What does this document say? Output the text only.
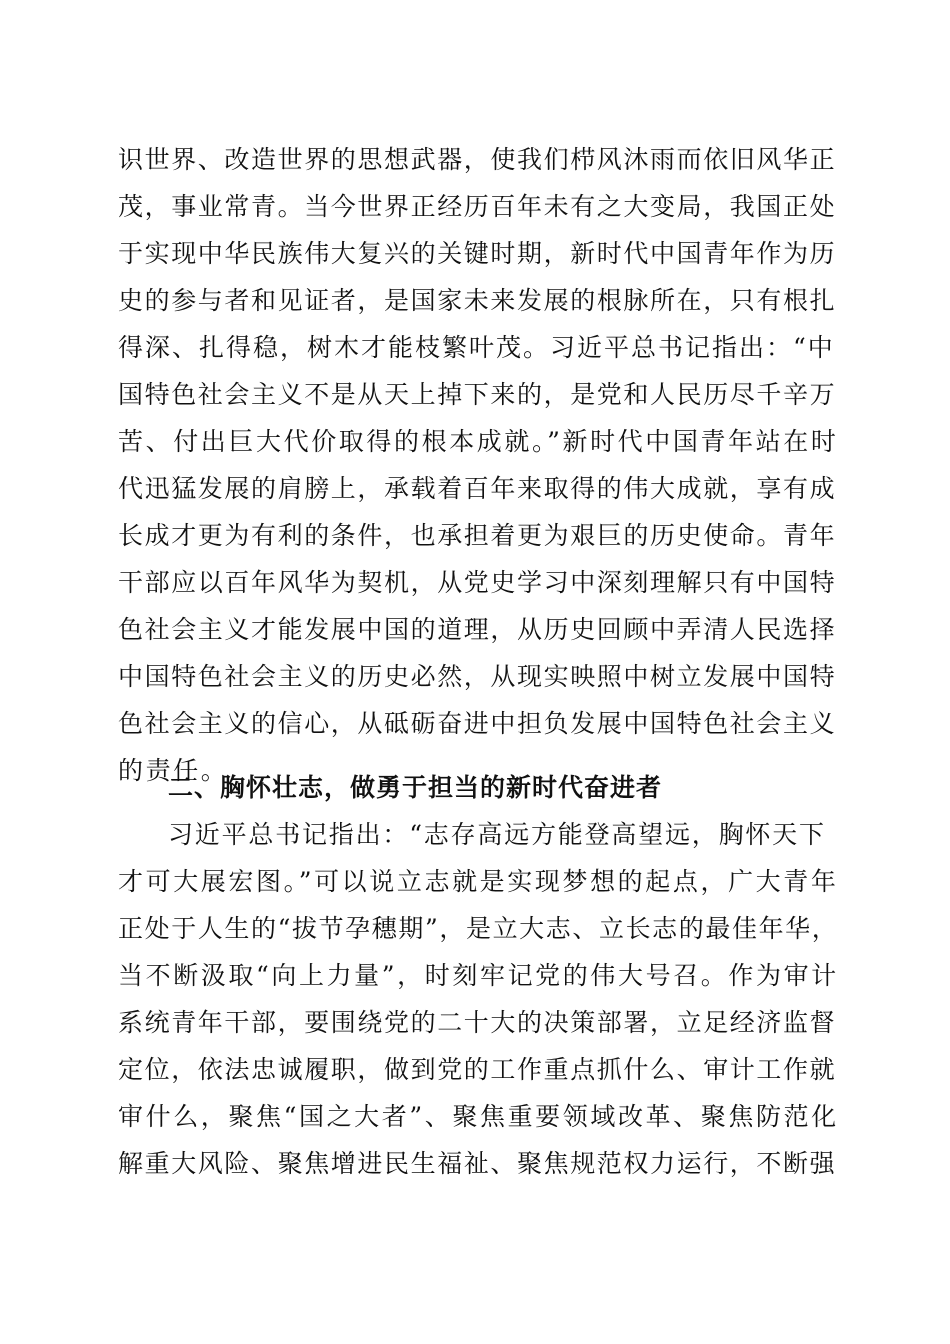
识世界、改造世界的思想武器，使我们栉风沐雨而依旧风华正
茂，事业常青。当今世界正经历百年未有之大变局，我国正处
于实现中华民族伟大复兴的关键时期，新时代中国青年作为历
史的参与者和见证者，是国家未来发展的根脉所在，只有根扎
得深、扎得稳，树木才能枝繁叶茂。习近平总书记指出：“中
国特色社会主义不是从天上掉下来的，是党和人民历尽千辛万
苦、付出巨大代价取得的根本成就。”新时代中国青年站在时
代迅猛发展的肩膀上，承载着百年来取得的伟大成就，享有成
长成才更为有利的条件，也承担着更为艰巨的历史使命。青年
干部应以百年风华为契机，从党史学习中深刻理解只有中国特
色社会主义才能发展中国的道理，从历史回顾中弄清人民选择
中国特色社会主义的历史必然，从现实映照中树立发展中国特
色社会主义的信心，从砥砺奋进中担负发展中国特色社会主义
的责任。
二、胸怀壮志，做勇于担当的新时代奋进者
习近平总书记指出：“志存高远方能登高望远，胸怀天下
才可大展宏图。”可以说立志就是实现梦想的起点，广大青年
正处于人生的“拔节孕穗期”，是立大志、立长志的最佳年华，
当不断汲取“向上力量”，时刻牢记党的伟大号召。作为审计
系统青年干部，要围绕党的二十大的决策部署，立足经济监督
定位，依法忠诚履职，做到党的工作重点抓什么、审计工作就
审什么，聚焦“国之大者”、聚焦重要领域改革、聚焦防范化
解重大风险、聚焦增进民生福祉、聚焦规范权力运行，不断强
